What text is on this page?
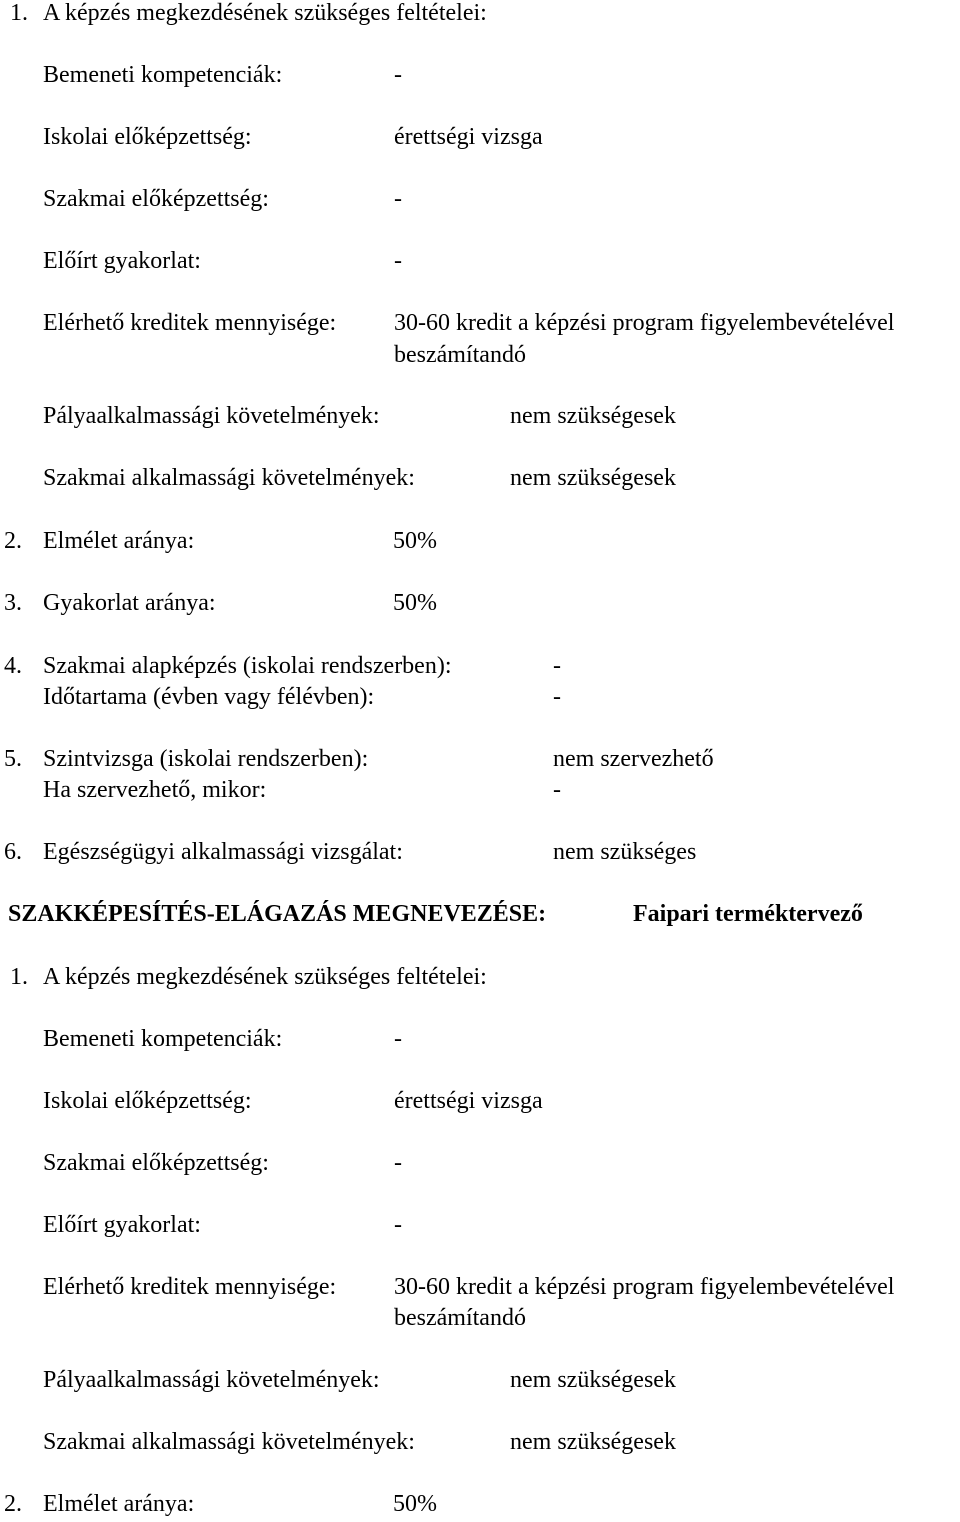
1. A képzés megkezdésének szükséges feltételei:
Bemeneti kompetenciák:	-
Iskolai előképzettség:	érettségi vizsga
Szakmai előképzettség:	-
Előírt gyakorlat:	-
Elérhető kreditek mennyisége: 30-60 kredit a képzési program figyelembevételével
beszámítandó
Pályaalkalmassági követelmények:	nem szükségesek
Szakmai alkalmassági követelmények:	nem szükségesek
2. Elmélet aránya:	50%
3. Gyakorlat aránya:	50%
4. Szakmai alapképzés (iskolai rendszerben):	-
Időtartama (évben vagy félévben):	-
5. Szintvizsga (iskolai rendszerben):	nem szervezhető
Ha szervezhető, mikor:	-
6. Egészségügyi alkalmassági vizsgálat:	nem szükséges
SZAKKÉPESÍTÉS-ELÁGAZÁS MEGNEVEZÉSE:	Faipari terméktervező
1. A képzés megkezdésének szükséges feltételei:
Bemeneti kompetenciák:	-
Iskolai előképzettség:	érettségi vizsga
Szakmai előképzettség:	-
Előírt gyakorlat:	-
Elérhető kreditek mennyisége: 30-60 kredit a képzési program figyelembevételével
beszámítandó
Pályaalkalmassági követelmények:	nem szükségesek
Szakmai alkalmassági követelmények:	nem szükségesek
2. Elmélet aránya:	50%
